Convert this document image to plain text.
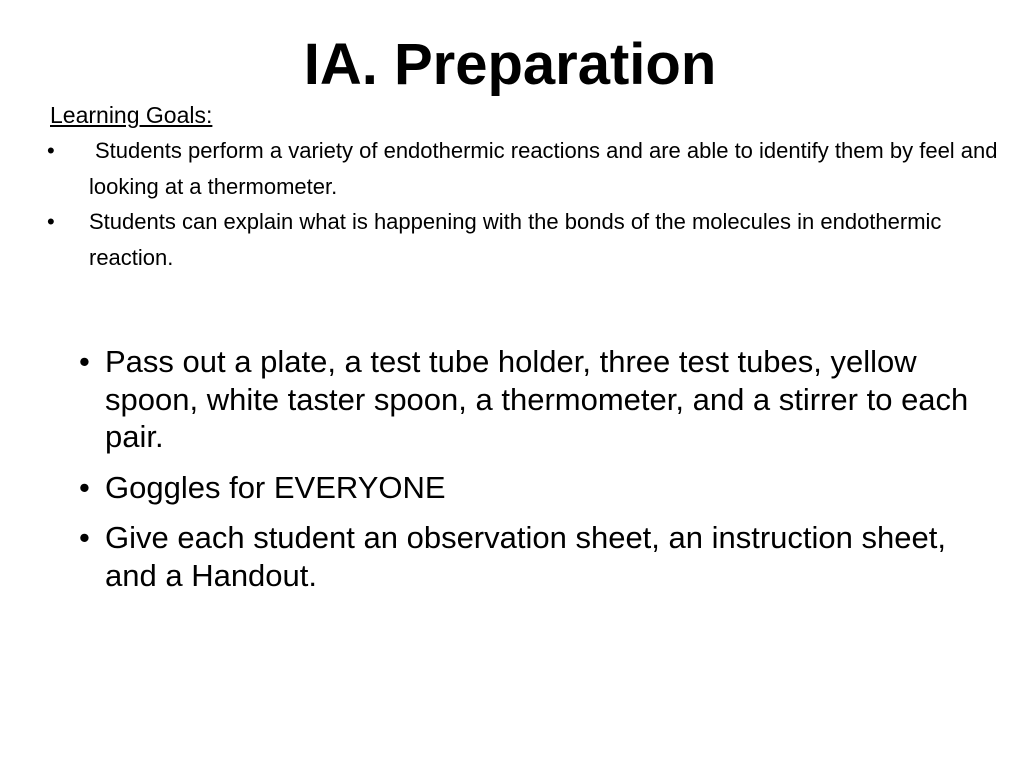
IA. Preparation
Learning Goals:
• Students perform a variety of endothermic reactions and are able to identify them by feel and looking at a thermometer.
• Students can explain what is happening with the bonds of the molecules in endothermic reaction.
• Pass out a plate, a test tube holder, three test tubes, yellow spoon, white taster spoon, a thermometer, and a stirrer to each pair.
• Goggles for EVERYONE
• Give each student an observation sheet, an instruction sheet, and a Handout.
